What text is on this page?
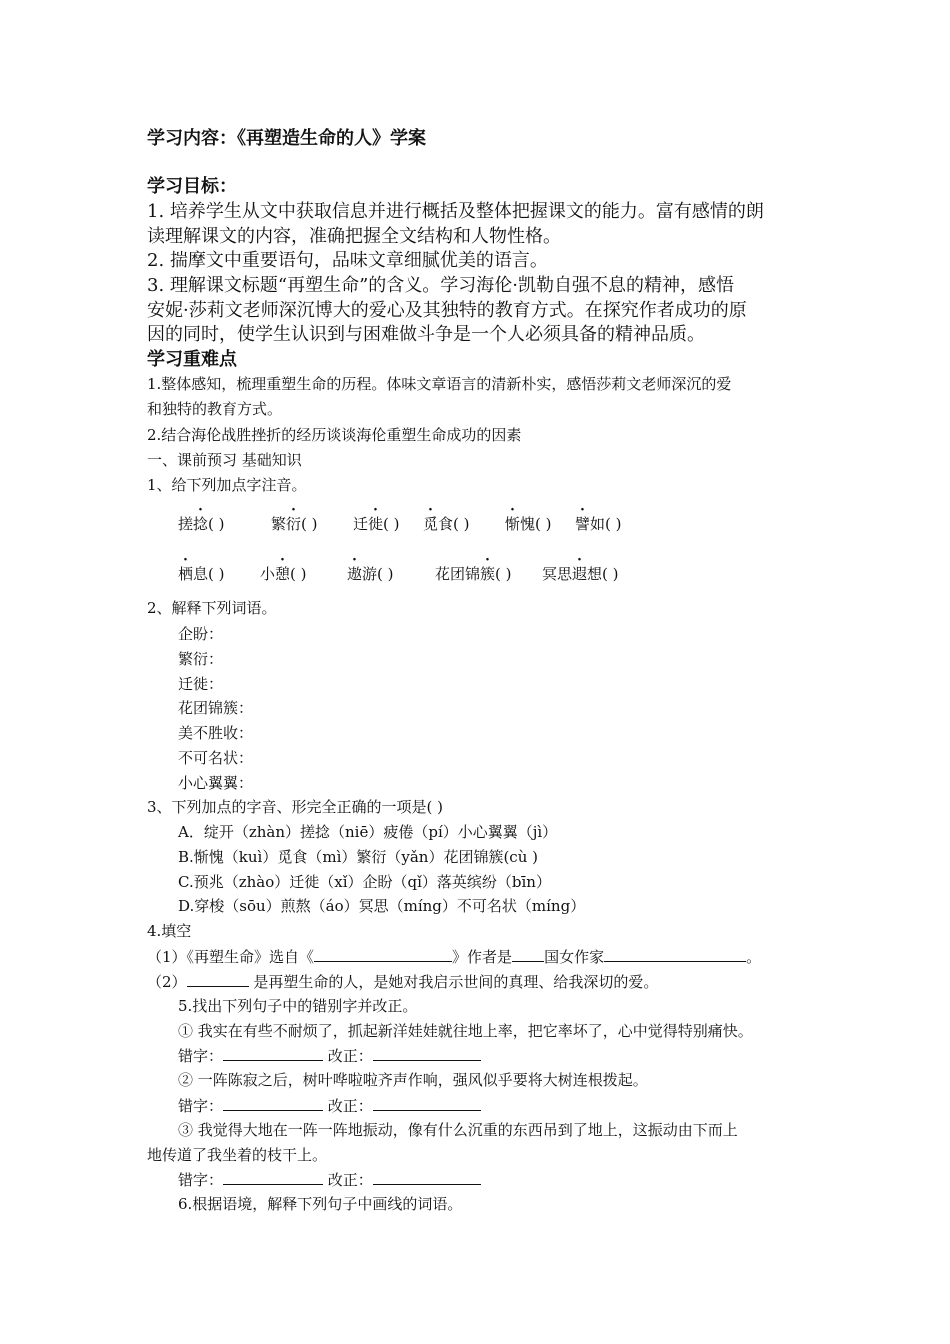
学习内容：《再塑造生命的人》学案
学习目标：
1. 培养学生从文中获取信息并进行概括及整体把握课文的能力。富有感情的朗
读理解课文的内容，准确把握全文结构和人物性格。
2. 揣摩文中重要语句，品味文章细腻优美的语言。
3. 理解课文标题“再塑生命”的含义。学习海伦·凯勒自强不息的精神，感悟
安妮·莎莉文老师深沉博大的爱心及其独特的教育方式。在探究作者成功的原
因的同时，使学生认识到与困难做斗争是一个人必须具备的精神品质。
学习重难点
1.整体感知，梳理重塑生命的历程。体味文章语言的清新朴实，感悟莎莉文老师深沉的爱
和独特的教育方式。
2.结合海伦战胜挫折的经历谈谈海伦重塑生命成功的因素
一、课前预习 基础知识
1、给下列加点字注音。
搓捻( )	繁衍( )	迁徙( )	觅食( )	惭愧( )	譬如( )
栖息( )	小憩( )	遨游( )	花团锦簇( )	冥思遐想( )
2、解释下列词语。
企盼：
繁衍：
迁徙：
花团锦簇：
美不胜收：
不可名状：
小心翼翼：
3、下列加点的字音、形完全正确的一项是( )
A．绽开（zhàn）搓捻（niē）疲倦（pí）小心翼翼（jì）
B.惭愧（kuì）觅食（mì）繁衍（yǎn）花团锦簇(cù )
C.预兆（zhào）迁徙（xǐ）企盼（qǐ）落英缤纷（bīn）
D.穿梭（sōu）煎熬（áo）冥思（míng）不可名状（míng）
4.填空
（1）《再塑生命》选自《	》作者是 国女作家	。
（2）	是再塑生命的人，是她对我启示世间的真理、给我深切的爱。
5.找出下列句子中的错别字并改正。
① 我实在有些不耐烦了，抓起新洋娃娃就往地上率，把它率坏了，心中觉得特别痛快。
错字：	改正：
② 一阵陈寂之后，树叶哗啦啦齐声作响，强风似乎要将大树连根拨起。
错字：	改正：
③ 我觉得大地在一阵一阵地振动，像有什么沉重的东西吊到了地上，这振动由下而上
地传道了我坐着的枝干上。
错字：	改正：
6.根据语境，解释下列句子中画线的词语。
